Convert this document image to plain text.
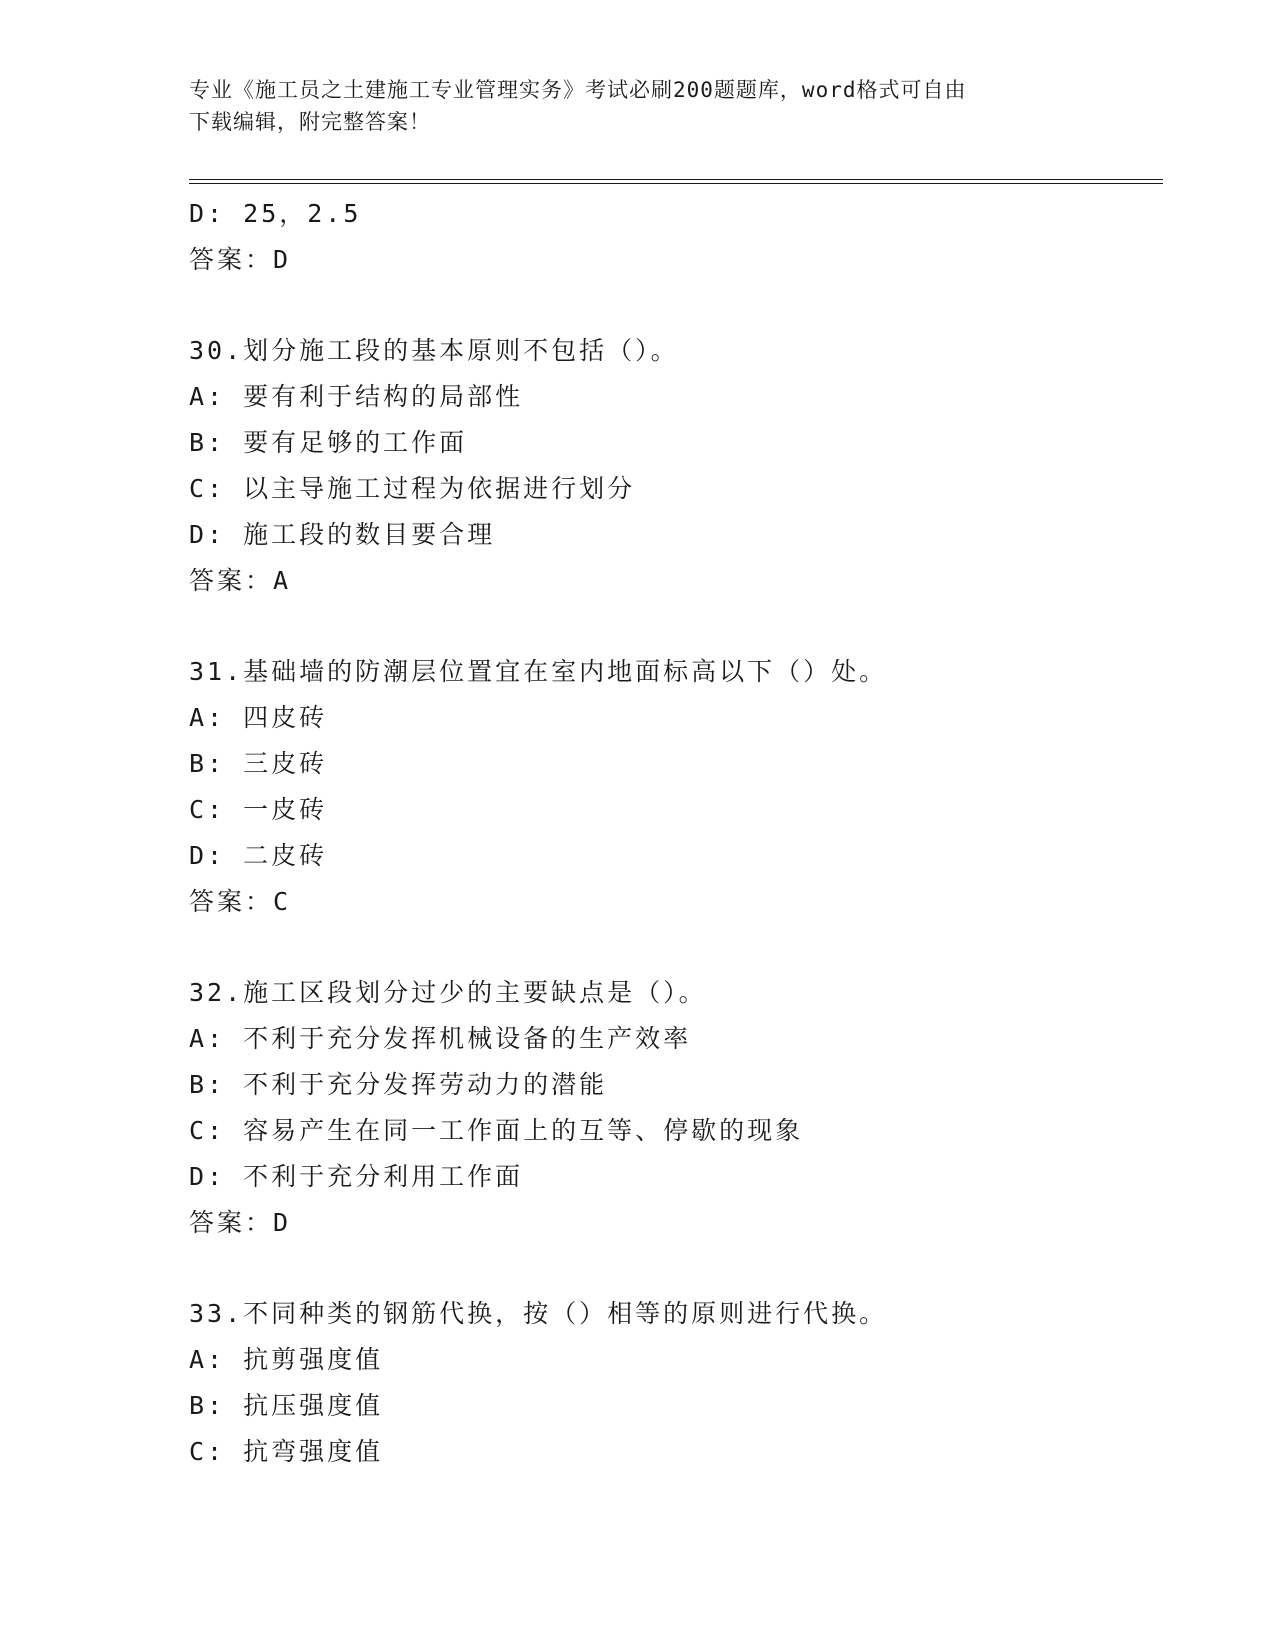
专业《施工员之土建施工专业管理实务》考试必刷200题题库，word格式可自由
下载编辑，附完整答案！
D: 25，2.5
答案：D
30.划分施工段的基本原则不包括（）。
A: 要有利于结构的局部性
B: 要有足够的工作面
C: 以主导施工过程为依据进行划分
D: 施工段的数目要合理
答案：A
31.基础墙的防潮层位置宜在室内地面标高以下（）处。
A: 四皮砖
B: 三皮砖
C: 一皮砖
D: 二皮砖
答案：C
32.施工区段划分过少的主要缺点是（）。
A: 不利于充分发挥机械设备的生产效率
B: 不利于充分发挥劳动力的潜能
C: 容易产生在同一工作面上的互等、停歇的现象
D: 不利于充分利用工作面
答案：D
33.不同种类的钢筋代换，按（）相等的原则进行代换。
A: 抗剪强度值
B: 抗压强度值
C: 抗弯强度值
